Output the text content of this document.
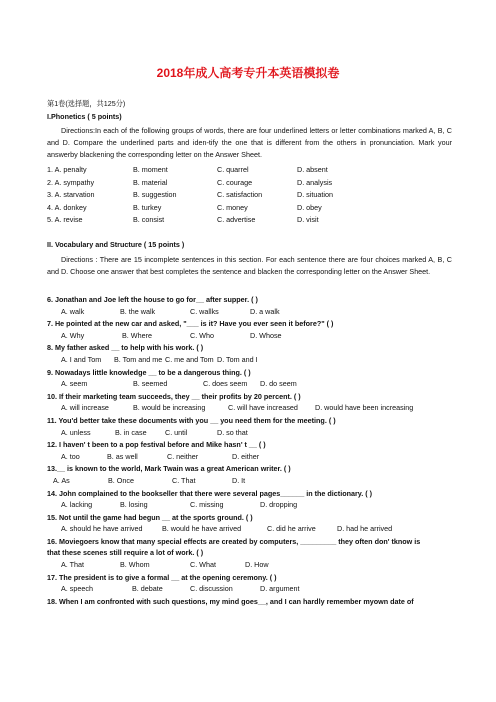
2018年成人高考专升本英语模拟卷
第1卷(选择题，共125分)
I.Phonetics ( 5 points)
Directions:In each of the following groups of words, there are four underlined letters or letter combinations marked A, B, C and D. Compare the underlined parts and iden-tify the one that is different from the others in pronunciation. Mark your answerby blackening the corresponding letter on the Answer Sheet.
1. A. penalty	B. moment	C. quarrel	D. absent
2. A. sympathy	B. material	C. courage	D. analysis
3. A. starvation	B. suggestion	C. satisfaction	D. situation
4. A. donkey	B. turkey	C. money	D. obey
5. A. revise	B. consist	C. advertise	D. visit
II. Vocabulary and Structure ( 15 points )
Directions : There are 15 incomplete sentences in this section. For each sentence there are four choices marked A, B, C and D. Choose one answer that best completes the sentence and blacken the corresponding letter on the Answer Sheet.
6. Jonathan and Joe left the house to go for__ after supper. ( )
A. walk	B. the walk	C. wallks	D. a walk
7. He pointed at the new car and asked, "___ is it? Have you ever seen it before?" ( )
A. Why	B. Where	C. Who	D. Whose
8. My father asked __ to help with his work. ( )
A. I and Tom B. Tom and me C. me and Tom D. Tom and I
9. Nowadays little knowledge __ to be a dangerous thing. ( )
A. seem	B. seemed	C. does seem D. do seem
10. If their marketing team succeeds, they __ their profits by 20 percent. ( )
A. will increase	B. would be increasing	C. will have increased D. would have been increasing
11. You'd better take these documents with you __ you need them for the meeting. ( )
A. unless	B. in case	C. until	D. so that
12. I haven' t been to a pop festival before and Mike hasn' t __ ( )
A. too	B. as well	C. neither	D. either
13.__ is known to the world, Mark Twain was a great American writer. ( )
A. As	B. Once	C. That	D. It
14. John complained to the bookseller that there were several pages______ in the dictionary. ( )
A. lacking	B. losing	C. missing	D. dropping
15. Not until the game had begun __ at the sports ground. ( )
A. should he have arrived	B. would he have arrived	C. did he arrive	D. had he arrived
16. Moviegoers know that many special effects are created by computers, _________ they often don' tknow is
that these scenes still require a lot of work. ( )
A. That	B. Whom	C. What	D. How
17. The president is to give a formal __ at the opening ceremony. ( )
A. speech	B. debate	C. discussion	D. argument
18. When I am confronted with such questions, my mind goes__, and I can hardly remember myown date of
